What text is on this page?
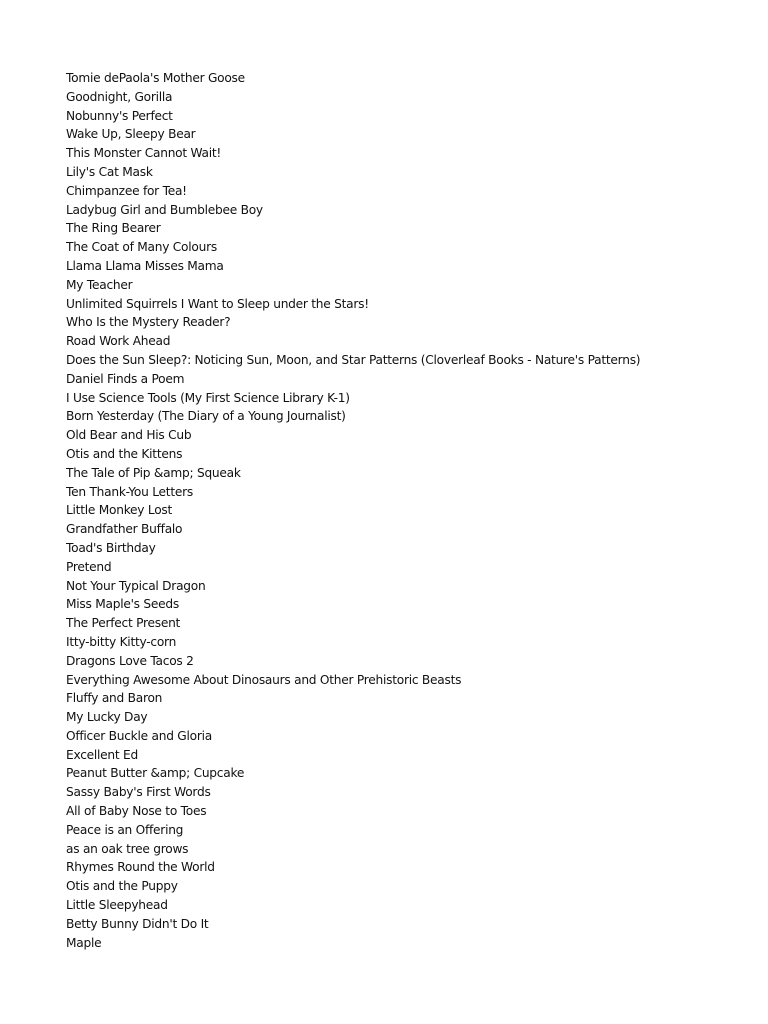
Tomie dePaola's Mother Goose
Goodnight, Gorilla
Nobunny's Perfect
Wake Up, Sleepy Bear
This Monster Cannot Wait!
Lily's Cat Mask
Chimpanzee for Tea!
Ladybug Girl and Bumblebee Boy
The Ring Bearer
The Coat of Many Colours
Llama Llama Misses Mama
My Teacher
Unlimited Squirrels I Want to Sleep under the Stars!
Who Is the Mystery Reader?
Road Work Ahead
Does the Sun Sleep?: Noticing Sun, Moon, and Star Patterns (Cloverleaf Books - Nature's Patterns)
Daniel Finds a Poem
I Use Science Tools (My First Science Library K-1)
Born Yesterday (The Diary of a Young Journalist)
Old Bear and His Cub
Otis and the Kittens
The Tale of Pip &amp; Squeak
Ten Thank-You Letters
Little Monkey Lost
Grandfather Buffalo
Toad's Birthday
Pretend
Not Your Typical Dragon
Miss Maple's Seeds
The Perfect Present
Itty-bitty Kitty-corn
Dragons Love Tacos 2
Everything Awesome About Dinosaurs and Other Prehistoric Beasts
Fluffy and Baron
My Lucky Day
Officer Buckle and Gloria
Excellent Ed
Peanut Butter &amp; Cupcake
Sassy Baby's First Words
All of Baby Nose to Toes
Peace is an Offering
as an oak tree grows
Rhymes Round the World
Otis and the Puppy
Little Sleepyhead
Betty Bunny Didn't Do It
Maple
